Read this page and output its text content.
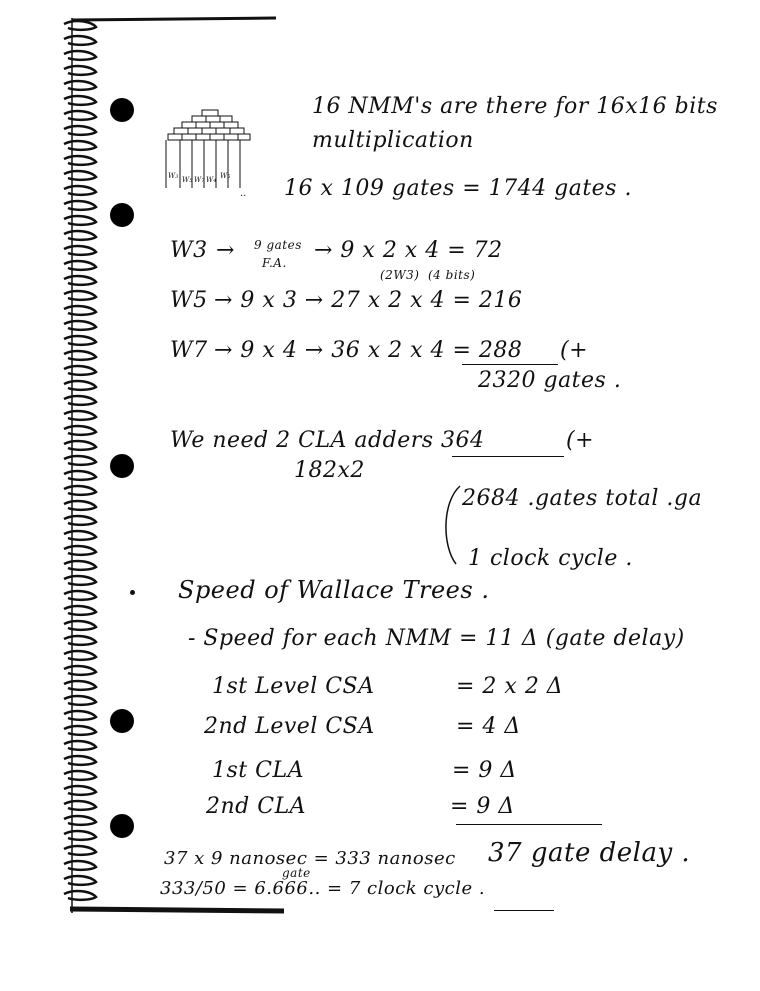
W3 W5 W7 W4
W5
..
16 NMM's are there for 16x16 bits
multiplication
16 x 109 gates = 1744 gates .
W3 → 9 gates
F.A. → 9 x 2 x 4 = 72
(2W3) (4 bits)
W5 → 9 x 3 → 27 x 2 x 4 = 216
W7 → 9 x 4 → 36 x 2 x 4 = 288 (+
2320 gates .
We need 2 CLA adders 364	(+
182x2
2684 .gates total .ga
1 clock cycle .
Speed of Wallace Trees .
- Speed for each NMM = 11 Δ (gate delay)
1st Level CSA	= 2 x 2 Δ
2nd Level CSA	= 4 Δ
1st CLA	= 9 Δ
2nd CLA	= 9 Δ
37 gate delay .
37 x 9 nanosec = 333 nanosec
gate
333/50 = 6.666.. = 7 clock cycle .
